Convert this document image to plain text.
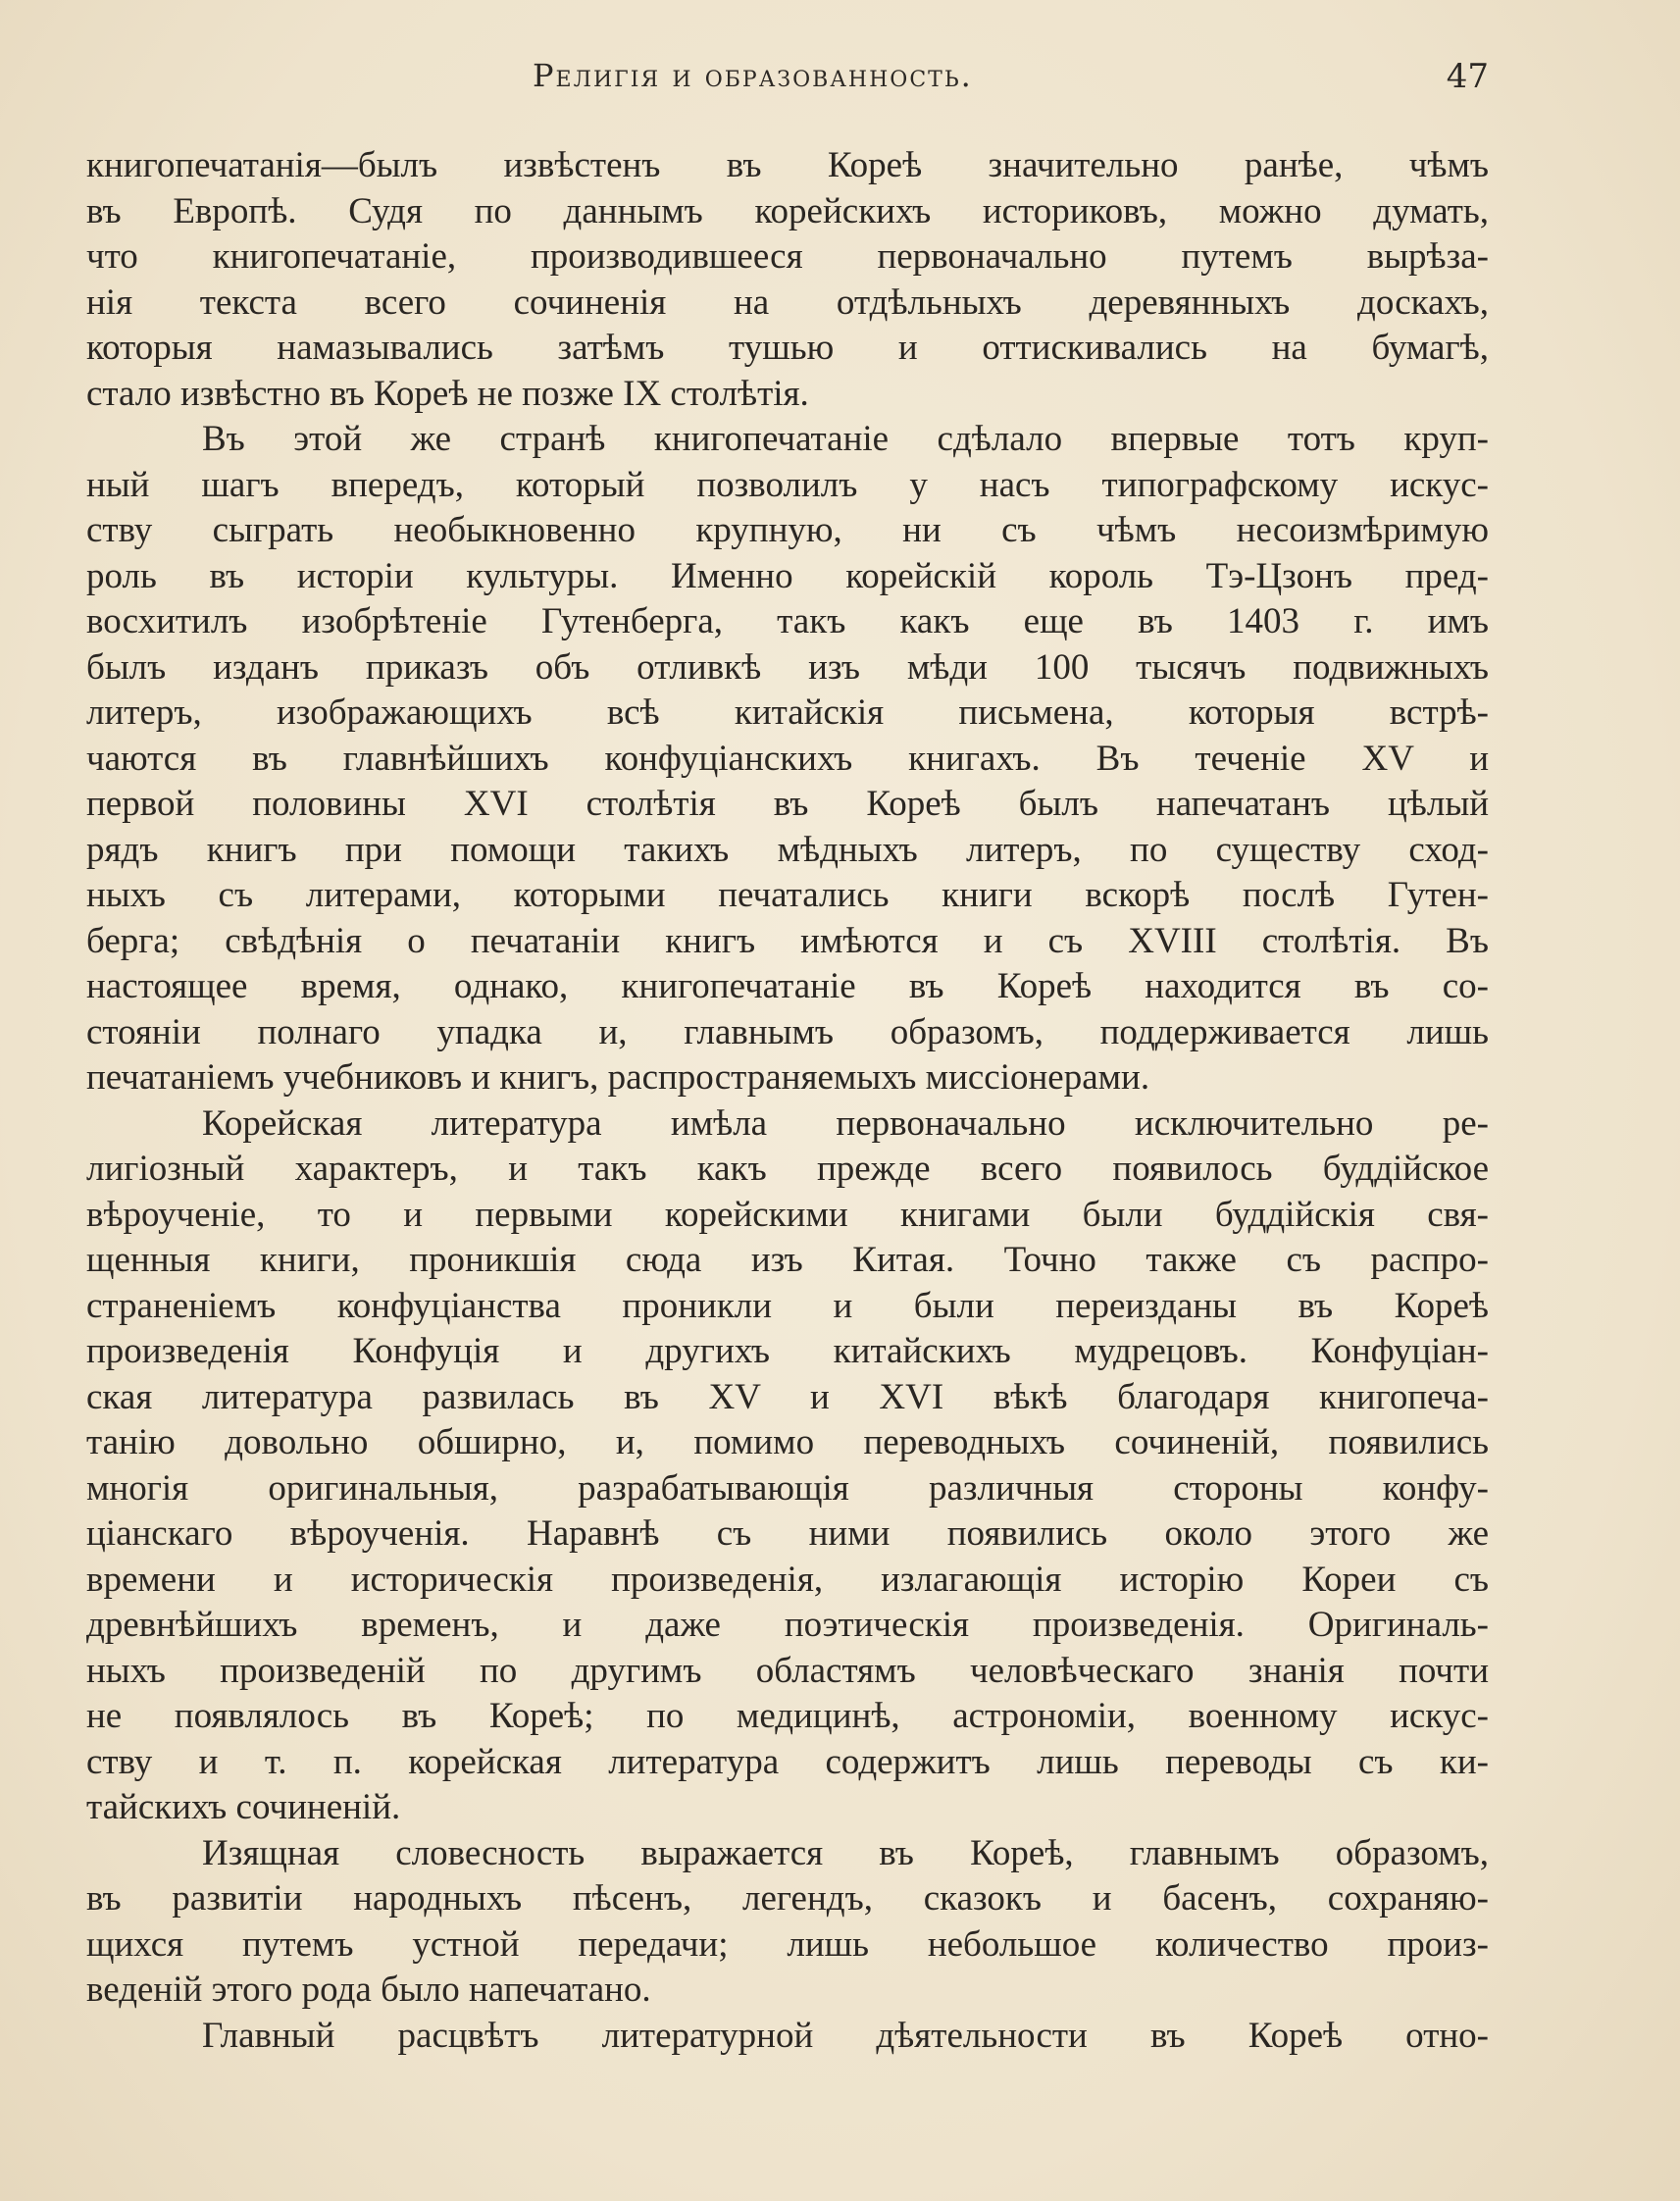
Религія и образованность.	47
книгопечатанія—былъ извѣстенъ въ Кореѣ значительно ранѣе, чѣмъ
въ Европѣ. Судя по даннымъ корейскихъ историковъ, можно думать,
что книгопечатаніе, производившееся первоначально путемъ вырѣза-
нія текста всего сочиненія на отдѣльныхъ деревянныхъ доскахъ,
которыя намазывались затѣмъ тушью и оттискивались на бумагѣ,
стало извѣстно въ Кореѣ не позже IX столѣтія.
Въ этой же странѣ книгопечатаніе сдѣлало впервые тотъ круп-
ный шагъ впередъ, который позволилъ у насъ типографскому искус-
ству сыграть необыкновенно крупную, ни съ чѣмъ несоизмѣримую
роль въ исторіи культуры. Именно корейскій король Тэ-Цзонъ пред-
восхитилъ изобрѣтеніе Гутенберга, такъ какъ еще въ 1403 г. имъ
былъ изданъ приказъ объ отливкѣ изъ мѣди 100 тысячъ подвижныхъ
литеръ, изображающихъ всѣ китайскія письмена, которыя встрѣ-
чаются въ главнѣйшихъ конфуціанскихъ книгахъ. Въ теченіе XV и
первой половины XVI столѣтія въ Кореѣ былъ напечатанъ цѣлый
рядъ книгъ при помощи такихъ мѣдныхъ литеръ, по существу сход-
ныхъ съ литерами, которыми печатались книги вскорѣ послѣ Гутен-
берга; свѣдѣнія о печатаніи книгъ имѣются и съ XVIII столѣтія. Въ
настоящее время, однако, книгопечатаніе въ Кореѣ находится въ со-
стояніи полнаго упадка и, главнымъ образомъ, поддерживается лишь
печатаніемъ учебниковъ и книгъ, распространяемыхъ миссіонерами.
Корейская литература имѣла первоначально исключительно ре-
лигіозный характеръ, и такъ какъ прежде всего появилось буддійское
вѣроученіе, то и первыми корейскими книгами были буддійскія свя-
щенныя книги, проникшія сюда изъ Китая. Точно также съ распро-
страненіемъ конфуціанства проникли и были переизданы въ Кореѣ
произведенія Конфуція и другихъ китайскихъ мудрецовъ. Конфуціан-
ская литература развилась въ XV и XVI вѣкѣ благодаря книгопеча-
танію довольно обширно, и, помимо переводныхъ сочиненій, появились
многія оригинальныя, разрабатывающія различныя стороны конфу-
ціанскаго вѣроученія. Наравнѣ съ ними появились около этого же
времени и историческія произведенія, излагающія исторію Кореи съ
древнѣйшихъ временъ, и даже поэтическія произведенія. Оригиналь-
ныхъ произведеній по другимъ областямъ человѣческаго знанія почти
не появлялось въ Кореѣ; по медицинѣ, астрономіи, военному искус-
ству и т. п. корейская литература содержитъ лишь переводы съ ки-
тайскихъ сочиненій.
Изящная словесность выражается въ Кореѣ, главнымъ образомъ,
въ развитіи народныхъ пѣсенъ, легендъ, сказокъ и басенъ, сохраняю-
щихся путемъ устной передачи; лишь небольшое количество произ-
веденій этого рода было напечатано.
Главный расцвѣтъ литературной дѣятельности въ Кореѣ отно-
